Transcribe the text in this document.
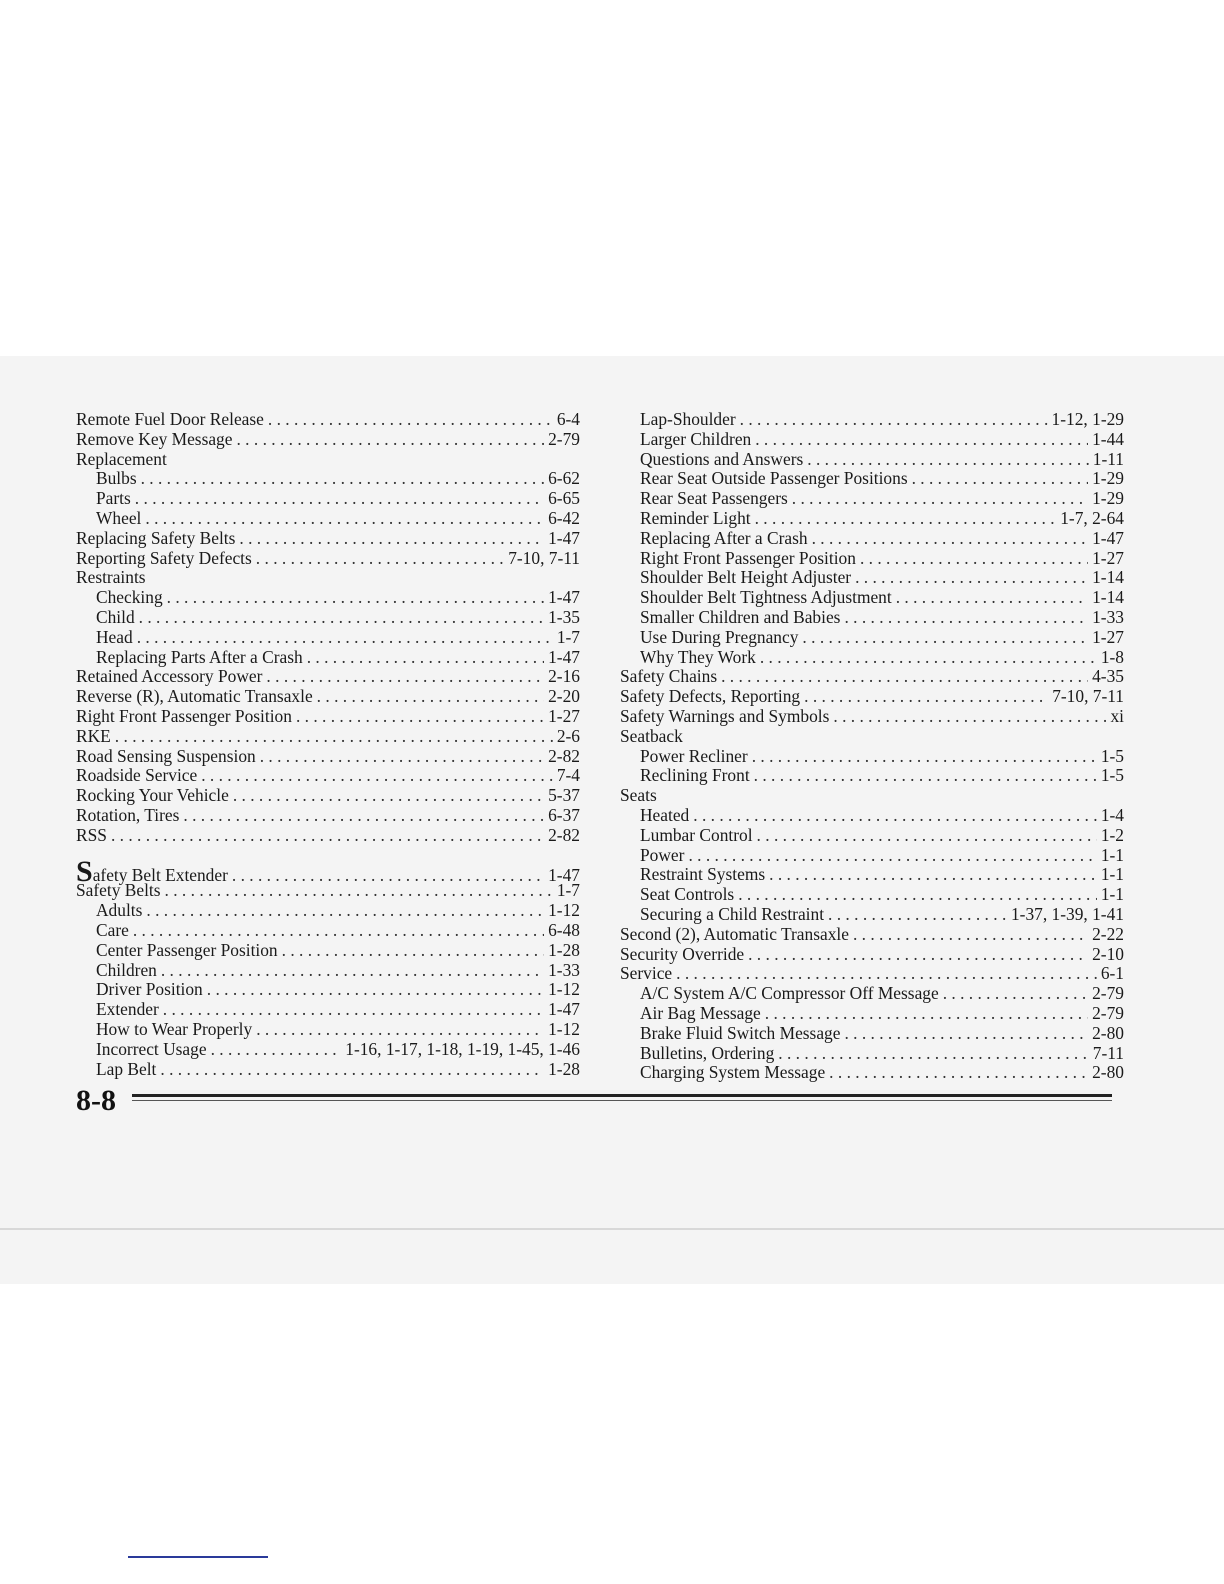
Remote Fuel Door Release . . .	6-4
Remove Key Message . . .	2-79
Replacement
Bulbs . . .	6-62
Parts . . .	6-65
Wheel . . .	6-42
Replacing Safety Belts . . .	1-47
Reporting Safety Defects . . .	7-10, 7-11
Restraints
Checking . . .	1-47
Child . . .	1-35
Head . . .	1-7
Replacing Parts After a Crash . . .	1-47
Retained Accessory Power . . .	2-16
Reverse (R), Automatic Transaxle . . .	2-20
Right Front Passenger Position . . .	1-27
RKE . . .	2-6
Road Sensing Suspension . . .	2-82
Roadside Service . . .	7-4
Rocking Your Vehicle . . .	5-37
Rotation, Tires . . .	6-37
RSS . . .	2-82
Safety Belt Extender . . .	1-47
Safety Belts . . .	1-7
Adults . . .	1-12
Care . . .	6-48
Center Passenger Position . . .	1-28
Children . . .	1-33
Driver Position . . .	1-12
Extender . . .	1-47
How to Wear Properly . . .	1-12
Incorrect Usage . . .	1-16, 1-17, 1-18, 1-19, 1-45, 1-46
Lap Belt . . .	1-28
Lap-Shoulder . . .	1-12, 1-29
Larger Children . . .	1-44
Questions and Answers . . .	1-11
Rear Seat Outside Passenger Positions . . .	1-29
Rear Seat Passengers . . .	1-29
Reminder Light . . .	1-7, 2-64
Replacing After a Crash . . .	1-47
Right Front Passenger Position . . .	1-27
Shoulder Belt Height Adjuster . . .	1-14
Shoulder Belt Tightness Adjustment . . .	1-14
Smaller Children and Babies . . .	1-33
Use During Pregnancy . . .	1-27
Why They Work . . .	1-8
Safety Chains . . .	4-35
Safety Defects, Reporting . . .	7-10, 7-11
Safety Warnings and Symbols . . .	xi
Seatback
Power Recliner . . .	1-5
Reclining Front . . .	1-5
Seats
Heated . . .	1-4
Lumbar Control . . .	1-2
Power . . .	1-1
Restraint Systems . . .	1-1
Seat Controls . . .	1-1
Securing a Child Restraint . . .	1-37, 1-39, 1-41
Second (2), Automatic Transaxle . . .	2-22
Security Override . . .	2-10
Service . . .	6-1
A/C System A/C Compressor Off Message . . .	2-79
Air Bag Message . . .	2-79
Brake Fluid Switch Message . . .	2-80
Bulletins, Ordering . . .	7-11
Charging System Message . . .	2-80
8-8
